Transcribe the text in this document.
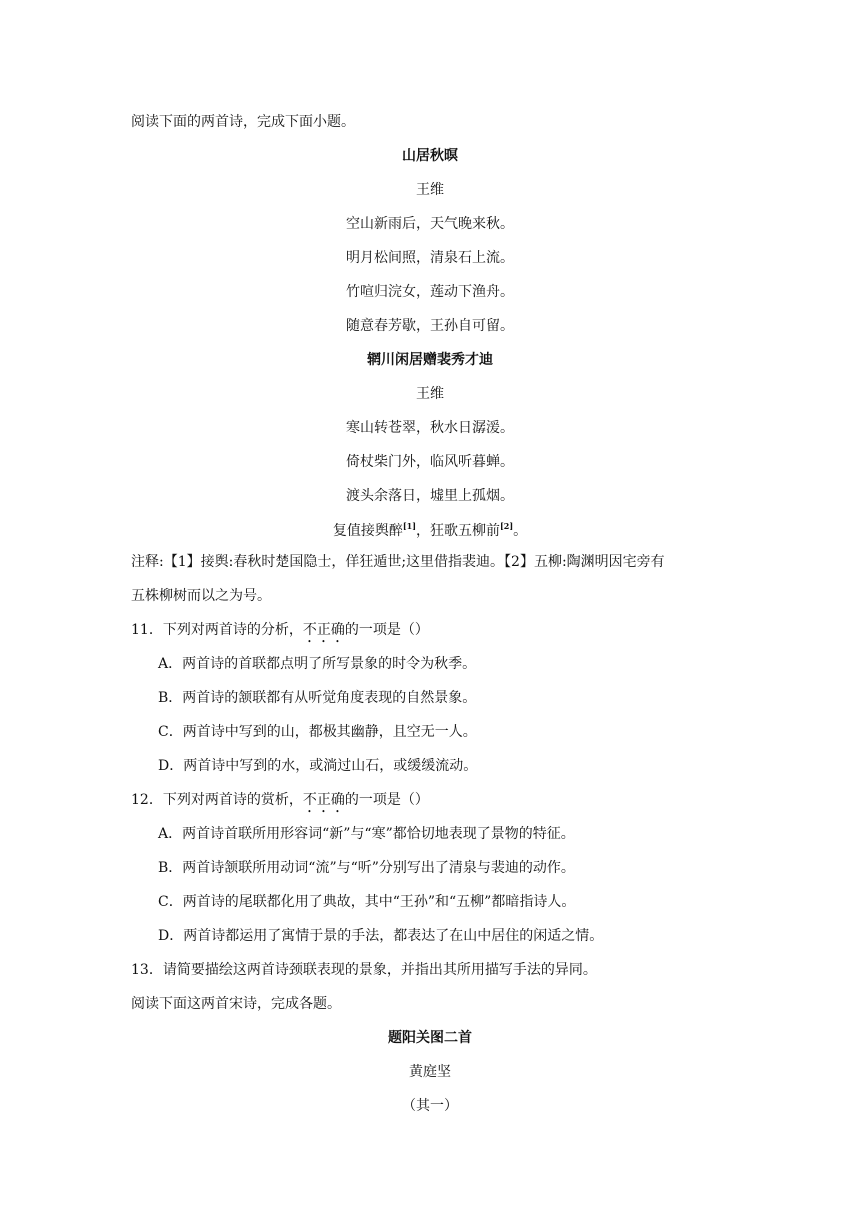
阅读下面的两首诗，完成下面小题。
山居秋暝
王维
空山新雨后，天气晚来秋。
明月松间照，清泉石上流。
竹喧归浣女，莲动下渔舟。
随意春芳歇，王孙自可留。
辋川闲居赠裴秀才迪
王维
寒山转苍翠，秋水日潺湲。
倚杖柴门外，临风听暮蝉。
渡头余落日，墟里上孤烟。
复值接舆醉[1]，狂歌五柳前[2]。
注释:【1】接舆:春秋时楚国隐士，佯狂遁世;这里借指裴迪。【2】五柳:陶渊明因宅旁有
五株柳树而以之为号。
11．下列对两首诗的分析，不正确的一项是（）
A．两首诗的首联都点明了所写景象的时令为秋季。
B．两首诗的颔联都有从听觉角度表现的自然景象。
C．两首诗中写到的山，都极其幽静，且空无一人。
D．两首诗中写到的水，或淌过山石，或缓缓流动。
12．下列对两首诗的赏析，不正确的一项是（）
A．两首诗首联所用形容词“新”与“寒”都恰切地表现了景物的特征。
B．两首诗颔联所用动词“流”与“听”分别写出了清泉与裴迪的动作。
C．两首诗的尾联都化用了典故，其中“王孙”和“五柳”都暗指诗人。
D．两首诗都运用了寓情于景的手法，都表达了在山中居住的闲适之情。
13．请简要描绘这两首诗颈联表现的景象，并指出其所用描写手法的异同。
阅读下面这两首宋诗，完成各题。
题阳关图二首
黄庭坚
（其一）
